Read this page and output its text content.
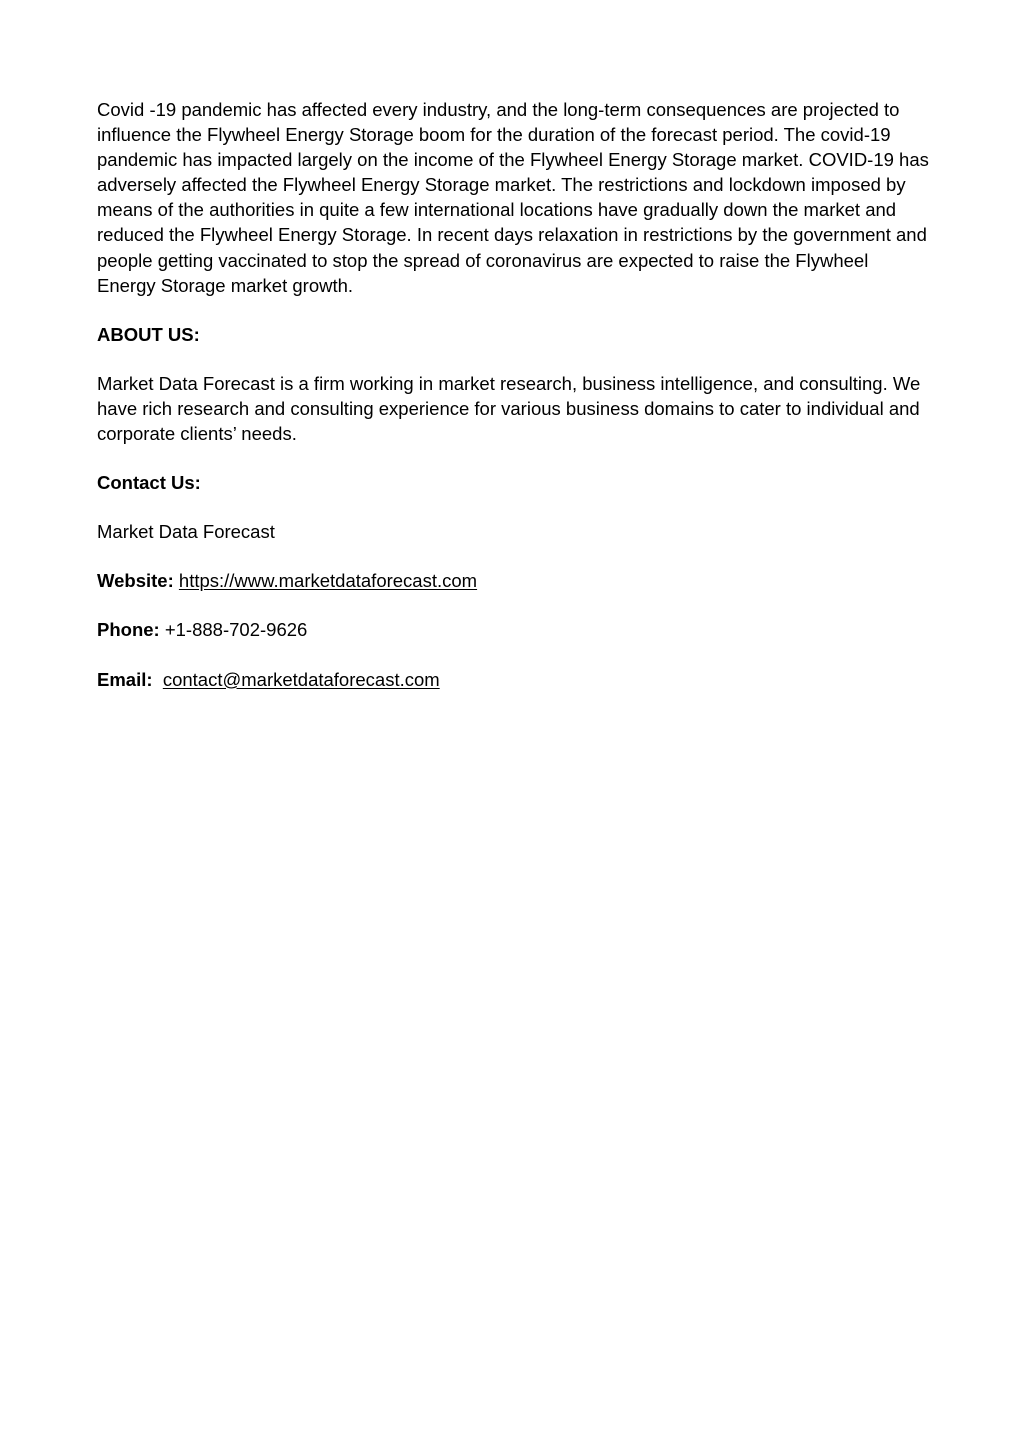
Covid -19 pandemic has affected every industry, and the long-term consequences are projected to influence the Flywheel Energy Storage boom for the duration of the forecast period. The covid-19 pandemic has impacted largely on the income of the Flywheel Energy Storage market. COVID-19 has adversely affected the Flywheel Energy Storage market. The restrictions and lockdown imposed by means of the authorities in quite a few international locations have gradually down the market and reduced the Flywheel Energy Storage. In recent days relaxation in restrictions by the government and people getting vaccinated to stop the spread of coronavirus are expected to raise the Flywheel Energy Storage market growth.

ABOUT US:

Market Data Forecast is a firm working in market research, business intelligence, and consulting. We have rich research and consulting experience for various business domains to cater to individual and corporate clients’ needs.

Contact Us:

Market Data Forecast

Website: https://www.marketdataforecast.com

Phone: +1-888-702-9626

Email: contact@marketdataforecast.com
